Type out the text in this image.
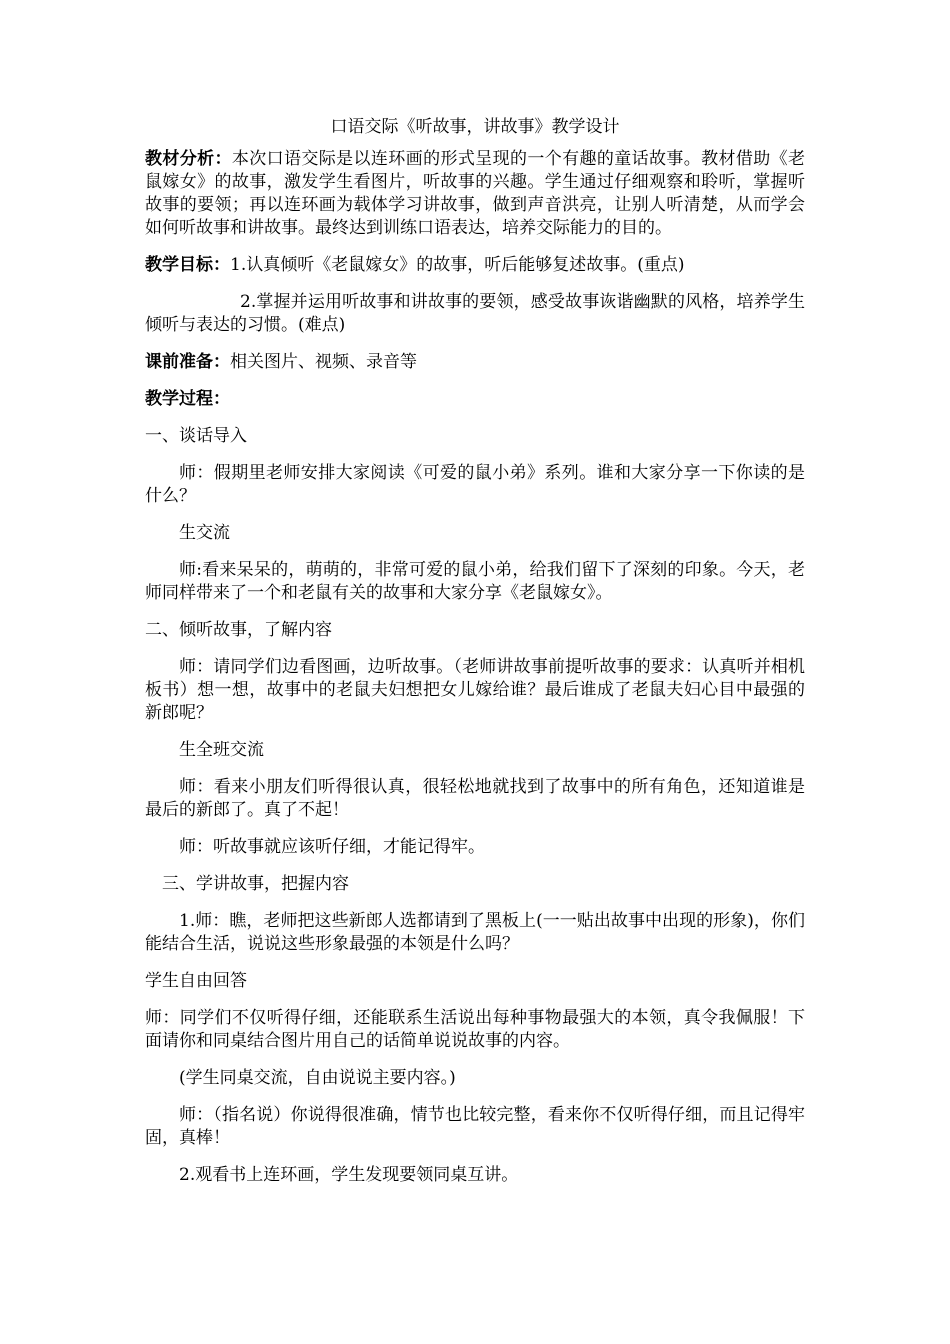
口语交际《听故事，讲故事》教学设计

教材分析：本次口语交际是以连环画的形式呈现的一个有趣的童话故事。教材借助《老鼠嫁女》的故事，激发学生看图片，听故事的兴趣。学生通过仔细观察和聆听，掌握听故事的要领；再以连环画为载体学习讲故事，做到声音洪亮，让别人听清楚，从而学会如何听故事和讲故事。最终达到训练口语表达，培养交际能力的目的。

教学目标：1.认真倾听《老鼠嫁女》的故事，听后能够复述故事。(重点)

2.掌握并运用听故事和讲故事的要领，感受故事诙谐幽默的风格，培养学生倾听与表达的习惯。(难点)

课前准备：相关图片、视频、录音等

教学过程：

一、谈话导入

师：假期里老师安排大家阅读《可爱的鼠小弟》系列。谁和大家分享一下你读的是什么？

生交流

师:看来呆呆的，萌萌的，非常可爱的鼠小弟，给我们留下了深刻的印象。今天，老师同样带来了一个和老鼠有关的故事和大家分享《老鼠嫁女》。

二、倾听故事，了解内容

师：请同学们边看图画，边听故事。（老师讲故事前提听故事的要求：认真听并相机板书）想一想，故事中的老鼠夫妇想把女儿嫁给谁？最后谁成了老鼠夫妇心目中最强的新郎呢？

生全班交流

师：看来小朋友们听得很认真，很轻松地就找到了故事中的所有角色，还知道谁是最后的新郎了。真了不起！

师：听故事就应该听仔细，才能记得牢。

三、学讲故事，把握内容

1.师：瞧，老师把这些新郎人选都请到了黑板上(一一贴出故事中出现的形象)，你们能结合生活，说说这些形象最强的本领是什么吗？

学生自由回答

师：同学们不仅听得仔细，还能联系生活说出每种事物最强大的本领，真令我佩服！下面请你和同桌结合图片用自己的话简单说说故事的内容。

(学生同桌交流，自由说说主要内容。)

师：（指名说）你说得很准确，情节也比较完整，看来你不仅听得仔细，而且记得牢固，真棒！

2.观看书上连环画，学生发现要领同桌互讲。
